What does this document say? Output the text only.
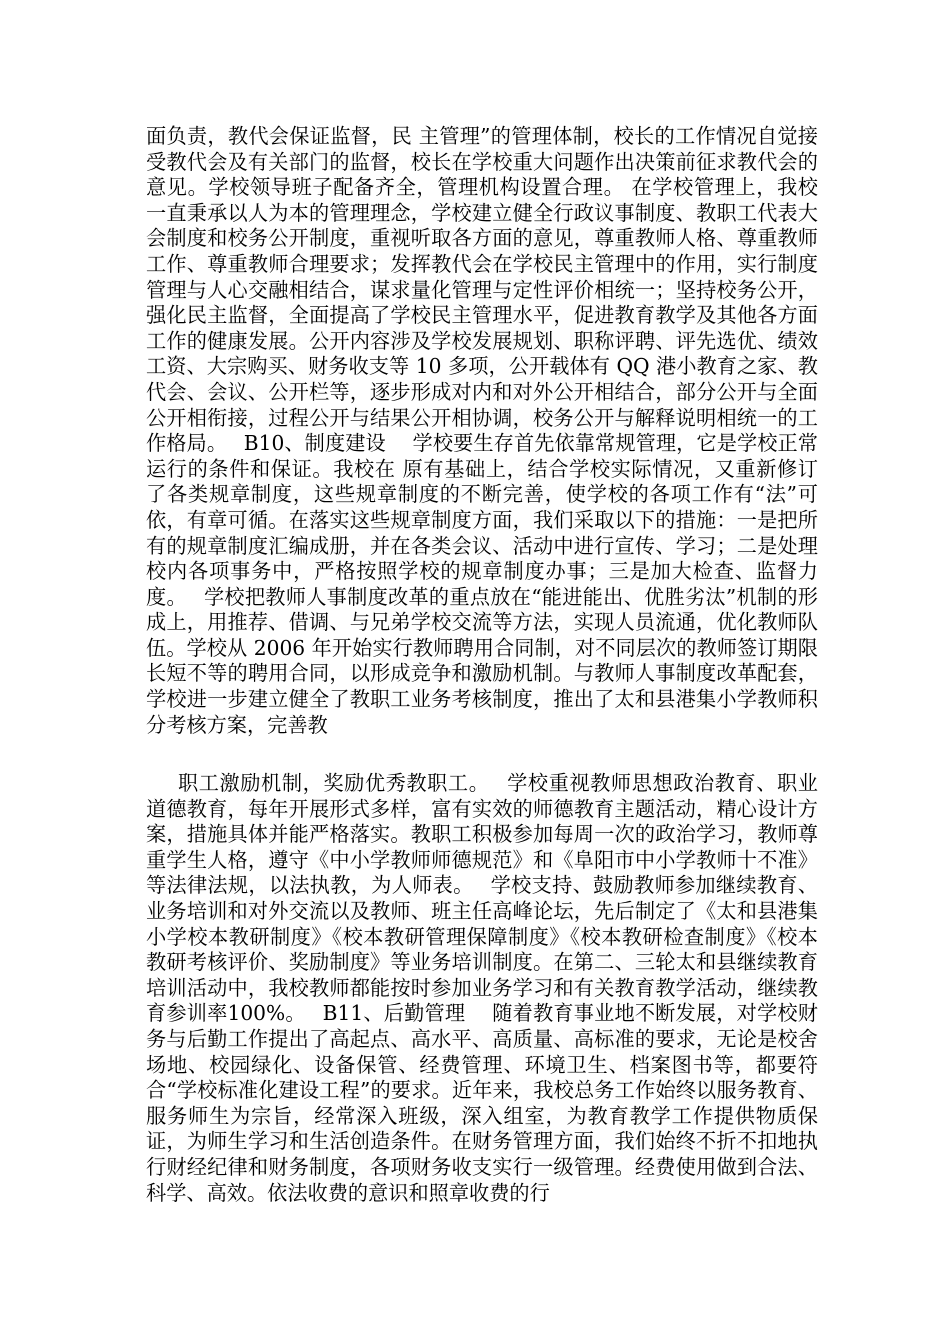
面负责，教代会保证监督，民 主管理”的管理体制，校长的工作情况自觉接受教代会及有关部门的监督，校长在学校重大问题作出决策前征求教代会的意见。学校领导班子配备齐全，管理机构设置合理。 在学校管理上，我校一直秉承以人为本的管理理念，学校建立健全行政议事制度、教职工代表大会制度和校务公开制度，重视听取各方面的意见，尊重教师人格、尊重教师工作、尊重教师合理要求；发挥教代会在学校民主管理中的作用，实行制度管理与人心交融相结合，谋求量化管理与定性评价相统一；坚持校务公开，强化民主监督，全面提高了学校民主管理水平，促进教育教学及其他各方面工作的健康发展。公开内容涉及学校发展规划、职称评聘、评先选优、绩效工资、大宗购买、财务收支等 10 多项，公开载体有 QQ 港小教育之家、教代会、会议、公开栏等，逐步形成对内和对外公开相结合，部分公开与全面公开相衔接，过程公开与结果公开相协调，校务公开与解释说明相统一的工作格局。　 B10、制度建设　 学校要生存首先依靠常规管理，它是学校正常运行的条件和保证。我校在 原有基础上，结合学校实际情况，又重新修订了各类规章制度，这些规章制度的不断完善，使学校的各项工作有“法”可依，有章可循。在落实这些规章制度方面，我们采取以下的措施：一是把所有的规章制度汇编成册，并在各类会议、活动中进行宣传、学习；二是处理校内各项事务中，严格按照学校的规章制度办事；三是加大检查、监督力度。　 学校把教师人事制度改革的重点放在“能进能出、优胜劣汰”机制的形成上，用推荐、借调、与兄弟学校交流等方法，实现人员流通，优化教师队伍。学校从 2006 年开始实行教师聘用合同制，对不同层次的教师签订期限长短不等的聘用合同，以形成竞争和激励机制。与教师人事制度改革配套，学校进一步建立健全了教职工业务考核制度，推出了太和县港集小学教师积分考核方案，完善教
职工激励机制，奖励优秀教职工。　 学校重视教师思想政治教育、职业道德教育，每年开展形式多样，富有实效的师德教育主题活动，精心设计方案，措施具体并能严格落实。教职工积极参加每周一次的政治学习，教师尊重学生人格，遵守《中小学教师师德规范》和《阜阳市中小学教师十不准》等法律法规，以法执教，为人师表。　 学校支持、鼓励教师参加继续教育、业务培训和对外交流以及教师、班主任高峰论坛，先后制定了《太和县港集小学校本教研制度》《校本教研管理保障制度》《校本教研检查制度》《校本教研考核评价、奖励制度》等业务培训制度。在第二、三轮太和县继续教育培训活动中，我校教师都能按时参加业务学习和有关教育教学活动，继续教育参训率100%。　 B11、后勤管理　 随着教育事业地不断发展，对学校财务与后勤工作提出了高起点、高水平、高质量、高标准的要求，无论是校舍场地、校园绿化、设备保管、经费管理、环境卫生、档案图书等，都要符合“学校标准化建设工程”的要求。近年来，我校总务工作始终以服务教育、服务师生为宗旨，经常深入班级，深入组室，为教育教学工作提供物质保证，为师生学习和生活创造条件。在财务管理方面，我们始终不折不扣地执行财经纪律和财务制度，各项财务收支实行一级管理。经费使用做到合法、科学、高效。依法收费的意识和照章收费的行
